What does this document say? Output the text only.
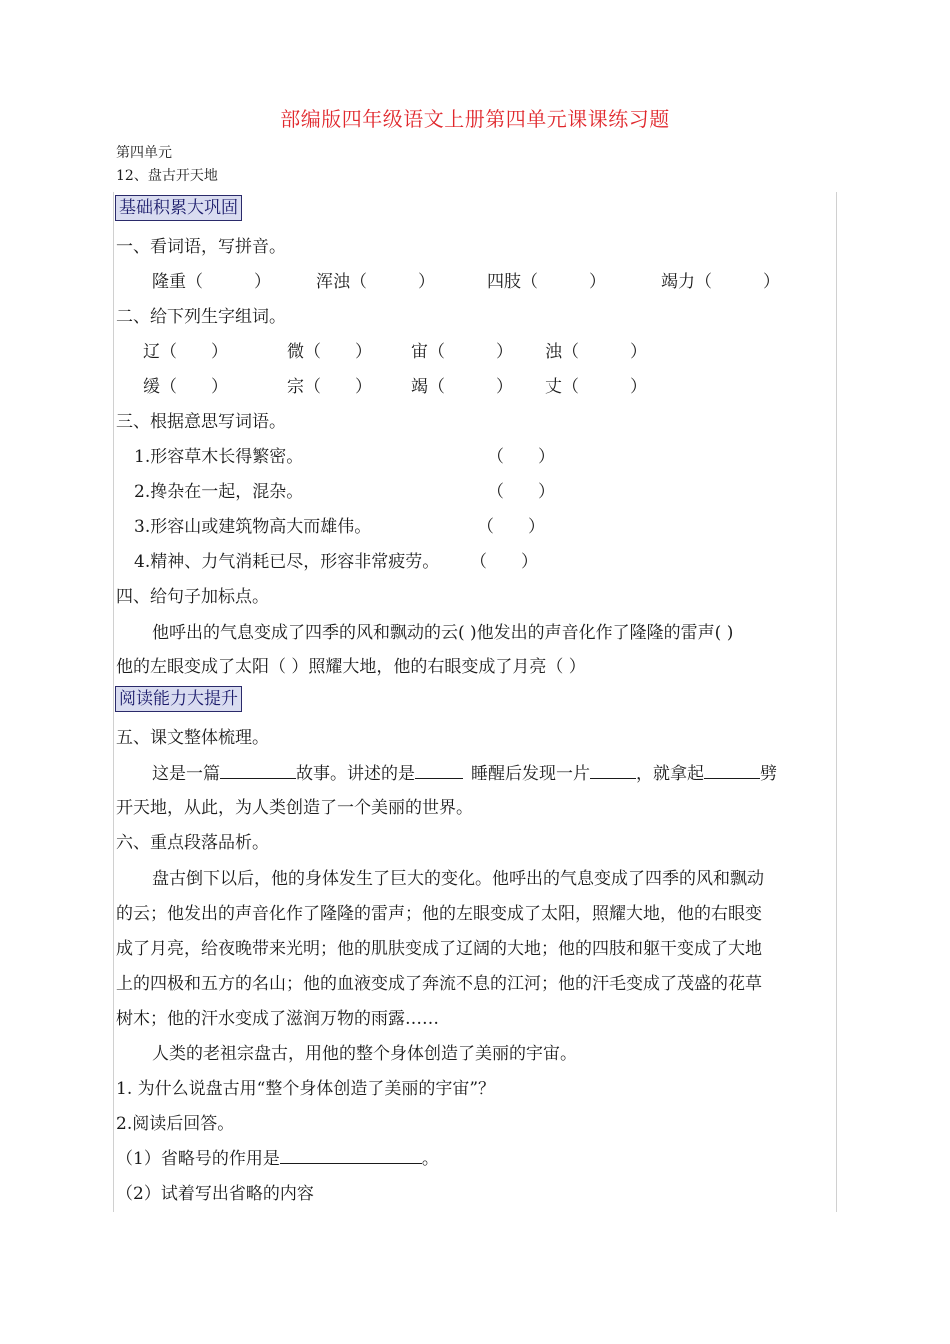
部编版四年级语文上册第四单元课课练习题
第四单元
12、盘古开天地
基础积累大巩固
一、看词语，写拼音。
隆重（　　　）	浑浊（　　　）	四肢（　　　）	竭力（　　　）
二、给下列生字组词。
辽（　　）	微（　　） 宙（　　　） 浊（　　　）
缓（　　）	宗（　　） 竭（　　　） 丈（　　　）
三、根据意思写词语。
1.形容草木长得繁密。	（　　）
2.搀杂在一起，混杂。	（　　）
3.形容山或建筑物高大而雄伟。	（　　）
4.精神、力气消耗已尽，形容非常疲劳。 （　　）
四、给句子加标点。
他呼出的气息变成了四季的风和飘动的云( )他发出的声音化作了隆隆的雷声( )
他的左眼变成了太阳（ ）照耀大地，他的右眼变成了月亮（ ）
阅读能力大提升
五、课文整体梳理。
这是一篇	故事。讲述的是	睡醒后发现一片	，就拿起	劈
开天地，从此，为人类创造了一个美丽的世界。
六、重点段落品析。
盘古倒下以后，他的身体发生了巨大的变化。他呼出的气息变成了四季的风和飘动
的云；他发出的声音化作了隆隆的雷声；他的左眼变成了太阳，照耀大地，他的右眼变
成了月亮，给夜晚带来光明；他的肌肤变成了辽阔的大地；他的四肢和躯干变成了大地
上的四极和五方的名山；他的血液变成了奔流不息的江河；他的汗毛变成了茂盛的花草
树木；他的汗水变成了滋润万物的雨露……
人类的老祖宗盘古，用他的整个身体创造了美丽的宇宙。
1. 为什么说盘古用“整个身体创造了美丽的宇宙”？
2.阅读后回答。
（1）省略号的作用是	。
（2）试着写出省略的内容
